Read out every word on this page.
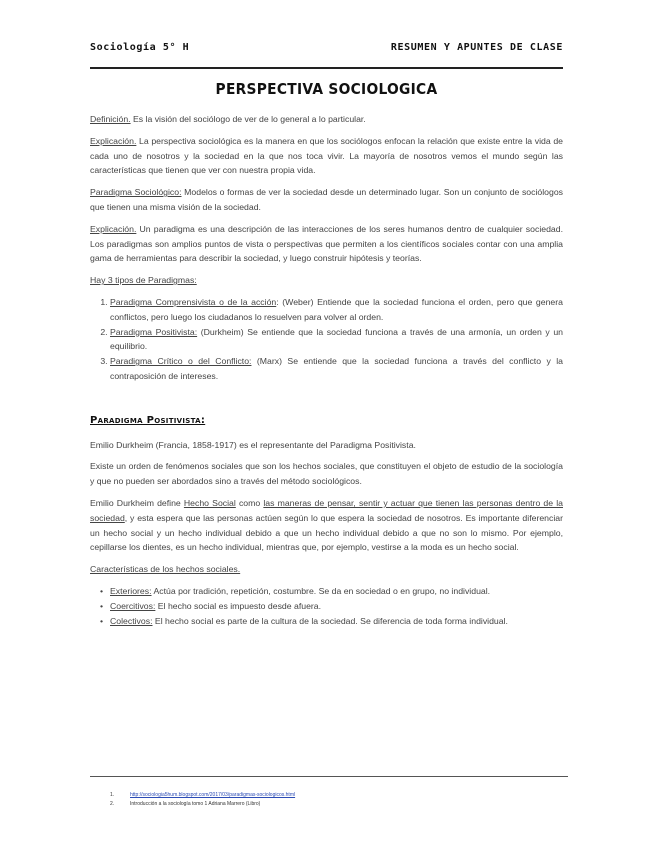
Sociología 5° H	RESUMEN Y APUNTES DE CLASE
PERSPECTIVA SOCIOLOGICA

Definición. Es la visión del sociólogo de ver de lo general a lo particular.

Explicación. La perspectiva sociológica es la manera en que los sociólogos enfocan la relación que existe entre la vida de cada uno de nosotros y la sociedad en la que nos toca vivir. La mayoría de nosotros vemos el mundo según las características que tienen que ver con nuestra propia vida.

Paradigma Sociológico: Modelos o formas de ver la sociedad desde un determinado lugar. Son un conjunto de sociólogos que tienen una misma visión de la sociedad.

Explicación. Un paradigma es una descripción de las interacciones de los seres humanos dentro de cualquier sociedad. Los paradigmas son amplios puntos de vista o perspectivas que permiten a los científicos sociales contar con una amplia gama de herramientas para describir la sociedad, y luego construir hipótesis y teorías.

Hay 3 tipos de Paradigmas:

1. Paradigma Comprensivista o de la acción: (Weber) Entiende que la sociedad funciona el orden, pero que genera conflictos, pero luego los ciudadanos lo resuelven para volver al orden.
2. Paradigma Positivista: (Durkheim) Se entiende que la sociedad funciona a través de una armonía, un orden y un equilibrio.
3. Paradigma Crítico o del Conflicto: (Marx) Se entiende que la sociedad funciona a través del conflicto y la contraposición de intereses.
Paradigma Positivista:

Emilio Durkheim (Francia, 1858-1917) es el representante del Paradigma Positivista.

Existe un orden de fenómenos sociales que son los hechos sociales, que constituyen el objeto de estudio de la sociología y que no pueden ser abordados sino a través del método sociológicos.

Emilio Durkheim define Hecho Social como las maneras de pensar, sentir y actuar que tienen las personas dentro de la sociedad, y esta espera que las personas actúen según lo que espera la sociedad de nosotros. Es importante diferenciar un hecho social y un hecho individual debido a que un hecho individual debido a que no son lo mismo. Por ejemplo, cepillarse los dientes, es un hecho individual, mientras que, por ejemplo, vestirse a la moda es un hecho social.

Características de los hechos sociales.

• Exteriores: Actúa por tradición, repetición, costumbre. Se da en sociedad o en grupo, no individual.
• Coercitivos: El hecho social es impuesto desde afuera.
• Colectivos: El hecho social es parte de la cultura de la sociedad. Se diferencia de toda forma individual.
1.	http://sociologia5hum.blogspot.com/2017/03/paradigmas-sociologicos.html
2.	Introducción a la sociología tomo 1 Adriana Marrero (Libro)
